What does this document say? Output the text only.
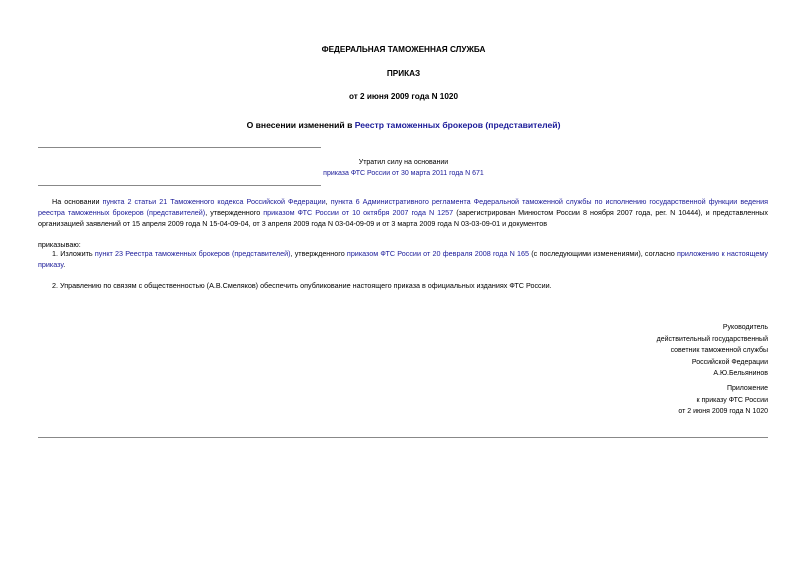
ФЕДЕРАЛЬНАЯ ТАМОЖЕННАЯ СЛУЖБА
ПРИКАЗ
от 2 июня 2009 года N 1020
О внесении изменений в Реестр таможенных брокеров (представителей)
Утратил силу на основании
приказа ФТС России от 30 марта 2011 года N 671
На основании пункта 2 статьи 21 Таможенного кодекса Российской Федерации, пункта 6 Административного регламента Федеральной таможенной службы по исполнению государственной функции ведения реестра таможенных брокеров (представителей), утвержденного приказом ФТС России от 10 октября 2007 года N 1257 (зарегистрирован Минюстом России 8 ноября 2007 года, рег. N 10444), и представленных организацией заявлений от 15 апреля 2009 года N 15-04-09-04, от 3 апреля 2009 года N 03-04-09-09 и от 3 марта 2009 года N 03-03-09-01 и документов
приказываю:
1. Изложить пункт 23 Реестра таможенных брокеров (представителей), утвержденного приказом ФТС России от 20 февраля 2008 года N 165 (с последующими изменениями), согласно приложению к настоящему приказу.
2. Управлению по связям с общественностью (А.В.Смеляков) обеспечить опубликование настоящего приказа в официальных изданиях ФТС России.
Руководитель
действительный государственный
советник таможенной службы
Российской Федерации
А.Ю.Бельянинов
Приложение
к приказу ФТС России
от 2 июня 2009 года N 1020
